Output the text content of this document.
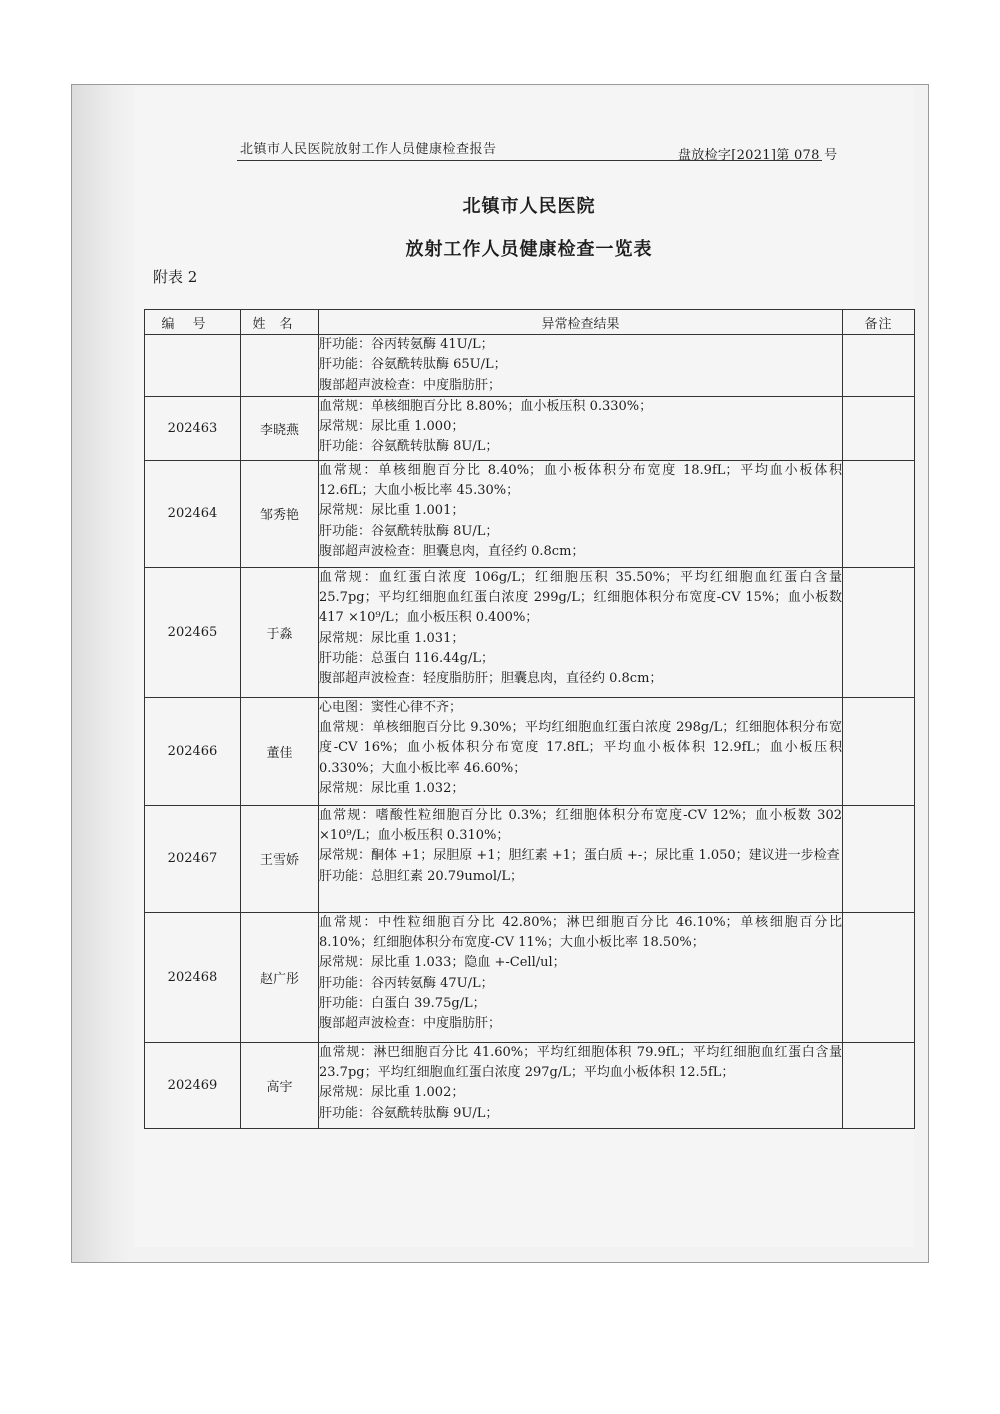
北镇市人民医院放射工作人员健康检查报告	盘放检字[2021]第 078 号
北镇市人民医院
放射工作人员健康检查一览表
附表 2
编号	姓名	异常检查结果	备注

		肝功能：谷丙转氨酶 41U/L；
肝功能：谷氨酰转肽酶 65U/L；
腹部超声波检查：中度脂肪肝；	

202463	李晓燕	血常规：单核细胞百分比 8.80%；血小板压积 0.330%；
尿常规：尿比重 1.000；
肝功能：谷氨酰转肽酶 8U/L；	

202464	邹秀艳	血常规：单核细胞百分比 8.40%；血小板体积分布宽度 18.9fL；平均血小板体积 12.6fL；大血小板比率 45.30%；
尿常规：尿比重 1.001；
肝功能：谷氨酰转肽酶 8U/L；
腹部超声波检查：胆囊息肉，直径约 0.8cm；	

202465	于淼	血常规：血红蛋白浓度 106g/L；红细胞压积 35.50%；平均红细胞血红蛋白含量 25.7pg；平均红细胞血红蛋白浓度 299g/L；红细胞体积分布宽度-CV 15%；血小板数 417 ×10⁹/L；血小板压积 0.400%；
尿常规：尿比重 1.031；
肝功能：总蛋白 116.44g/L；
腹部超声波检查：轻度脂肪肝；胆囊息肉，直径约 0.8cm；	

202466	董佳	心电图：窦性心律不齐；
血常规：单核细胞百分比 9.30%；平均红细胞血红蛋白浓度 298g/L；红细胞体积分布宽度-CV 16%；血小板体积分布宽度 17.8fL；平均血小板体积 12.9fL；血小板压积 0.330%；大血小板比率 46.60%；
尿常规：尿比重 1.032；	

202467	王雪娇	血常规：嗜酸性粒细胞百分比 0.3%；红细胞体积分布宽度-CV 12%；血小板数 302 ×10⁹/L；血小板压积 0.310%；
尿常规：酮体 +1；尿胆原 +1；胆红素 +1；蛋白质 +-；尿比重 1.050；建议进一步检查
肝功能：总胆红素 20.79umol/L；	

202468	赵广彤	血常规：中性粒细胞百分比 42.80%；淋巴细胞百分比 46.10%；单核细胞百分比 8.10%；红细胞体积分布宽度-CV 11%；大血小板比率 18.50%；
尿常规：尿比重 1.033；隐血 +-Cell/ul；
肝功能：谷丙转氨酶 47U/L；
肝功能：白蛋白 39.75g/L；
腹部超声波检查：中度脂肪肝；	

202469	高宇	血常规：淋巴细胞百分比 41.60%；平均红细胞体积 79.9fL；平均红细胞血红蛋白含量 23.7pg；平均红细胞血红蛋白浓度 297g/L；平均血小板体积 12.5fL；
尿常规：尿比重 1.002；
肝功能：谷氨酰转肽酶 9U/L；	
